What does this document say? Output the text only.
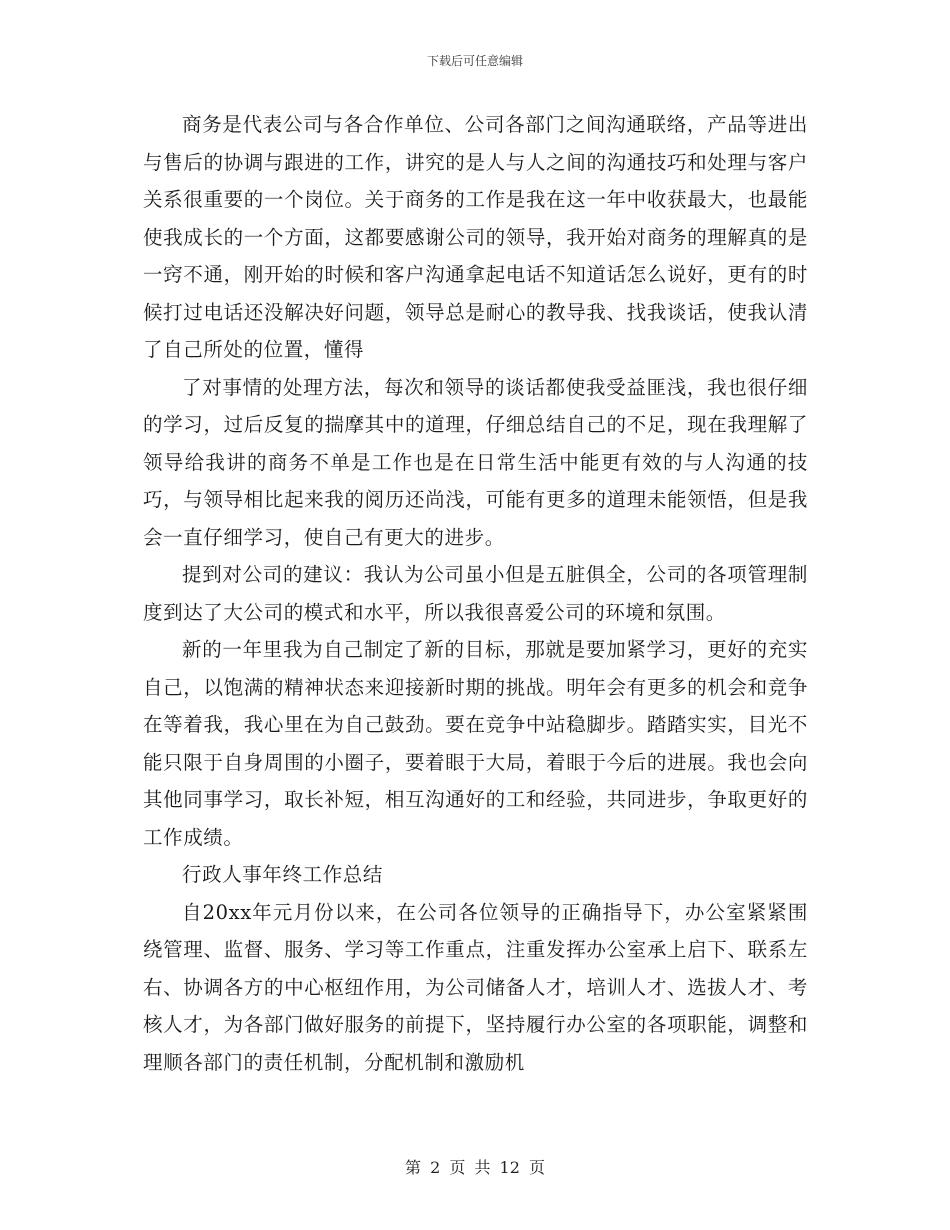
下载后可任意编辑

商务是代表公司与各合作单位、公司各部门之间沟通联络，产品等进出与售后的协调与跟进的工作，讲究的是人与人之间的沟通技巧和处理与客户关系很重要的一个岗位。关于商务的工作是我在这一年中收获最大，也最能使我成长的一个方面，这都要感谢公司的领导，我开始对商务的理解真的是一窍不通，刚开始的时候和客户沟通拿起电话不知道话怎么说好，更有的时候打过电话还没解决好问题，领导总是耐心的教导我、找我谈话，使我认清了自己所处的位置，懂得

了对事情的处理方法，每次和领导的谈话都使我受益匪浅，我也很仔细的学习，过后反复的揣摩其中的道理，仔细总结自己的不足，现在我理解了领导给我讲的商务不单是工作也是在日常生活中能更有效的与人沟通的技巧，与领导相比起来我的阅历还尚浅，可能有更多的道理未能领悟，但是我会一直仔细学习，使自己有更大的进步。

提到对公司的建议：我认为公司虽小但是五脏俱全，公司的各项管理制度到达了大公司的模式和水平，所以我很喜爱公司的环境和氛围。

新的一年里我为自己制定了新的目标，那就是要加紧学习，更好的充实自己，以饱满的精神状态来迎接新时期的挑战。明年会有更多的机会和竞争在等着我，我心里在为自己鼓劲。要在竞争中站稳脚步。踏踏实实，目光不能只限于自身周围的小圈子，要着眼于大局，着眼于今后的进展。我也会向其他同事学习，取长补短，相互沟通好的工和经验，共同进步，争取更好的工作成绩。

行政人事年终工作总结

自20xx年元月份以来，在公司各位领导的正确指导下，办公室紧紧围绕管理、监督、服务、学习等工作重点，注重发挥办公室承上启下、联系左右、协调各方的中心枢纽作用，为公司储备人才，培训人才、选拔人才、考核人才，为各部门做好服务的前提下，坚持履行办公室的各项职能，调整和理顺各部门的责任机制，分配机制和激励机

第 2 页 共 12 页
